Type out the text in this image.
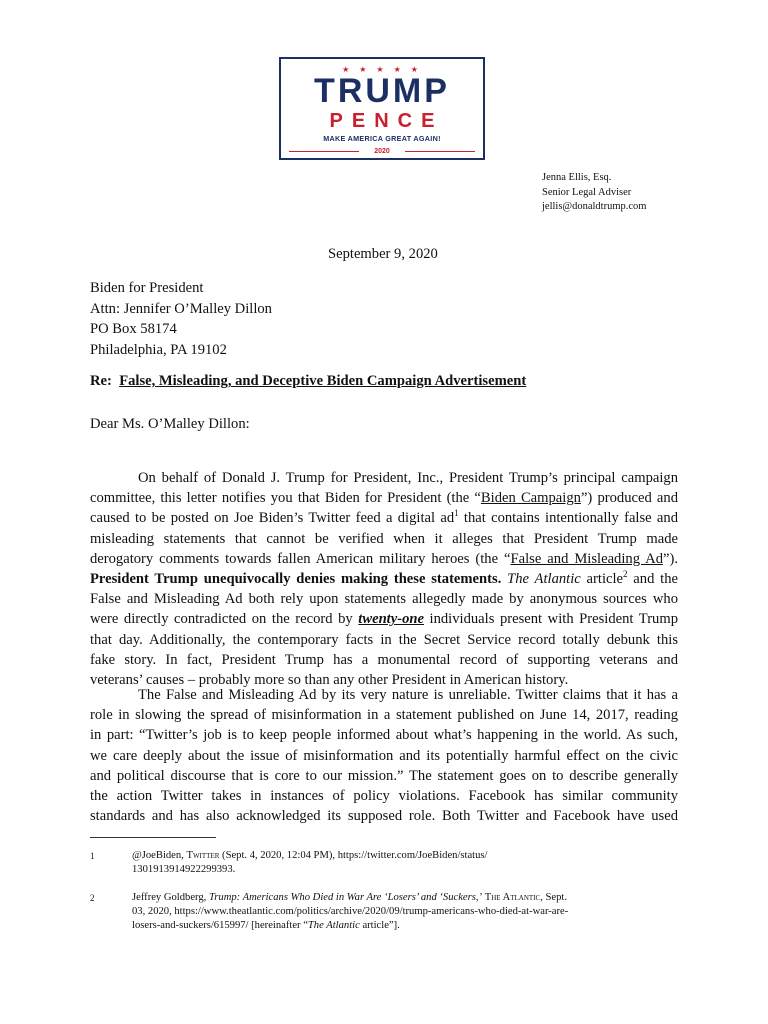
★ ★ ★ ★ ★
TRUMP
PENCE
MAKE AMERICA GREAT AGAIN!
2020
Jenna Ellis, Esq.
Senior Legal Adviser
jellis@donaldtrump.com
September 9, 2020
Biden for President
Attn: Jennifer O’Malley Dillon
PO Box 58174
Philadelphia, PA 19102
Re: False, Misleading, and Deceptive Biden Campaign Advertisement
Dear Ms. O’Malley Dillon:
On behalf of Donald J. Trump for President, Inc., President Trump’s principal campaign
committee, this letter notifies you that Biden for President (the “Biden Campaign”) produced and
caused to be posted on Joe Biden’s Twitter feed a digital $ad^1$ that contains intentionally false and
misleading statements that cannot be verified when it alleges that President Trump made
derogatory comments towards fallen American military heroes (the “False and Misleading Ad”).
President Trump unequivocally denies making these statements. The Atlantic article$^2$ and the
False and Misleading Ad both rely upon statements allegedly made by anonymous sources who
were directly contradicted on the record by twenty-one individuals present with President Trump
that day. Additionally, the contemporary facts in the Secret Service record totally debunk this
fake story. In fact, President Trump has a monumental record of supporting veterans and
veterans’ causes – probably more so than any other President in American history.
The False and Misleading Ad by its very nature is unreliable. Twitter claims that it has a
role in slowing the spread of misinformation in a statement published on June 14, 2017, reading
in part: “Twitter’s job is to keep people informed about what’s happening in the world. As such,
we care deeply about the issue of misinformation and its potentially harmful effect on the civic
and political discourse that is core to our mission.” The statement goes on to describe generally
the action Twitter takes in instances of policy violations. Facebook has similar community
standards and has also acknowledged its supposed role. Both Twitter and Facebook have used
1	@JoeBiden, Twitter (Sept. 4, 2020, 12:04 PM), https://twitter.com/JoeBiden/status/
1301913914922299393.
2	Jeffrey Goldberg, Trump: Americans Who Died in War Are ‘Losers’ and ‘Suckers,’ The Atlantic, Sept.
03, 2020, https://www.theatlantic.com/politics/archive/2020/09/trump-americans-who-died-at-war-are-
losers-and-suckers/615997/ [hereinafter “The Atlantic article”].
